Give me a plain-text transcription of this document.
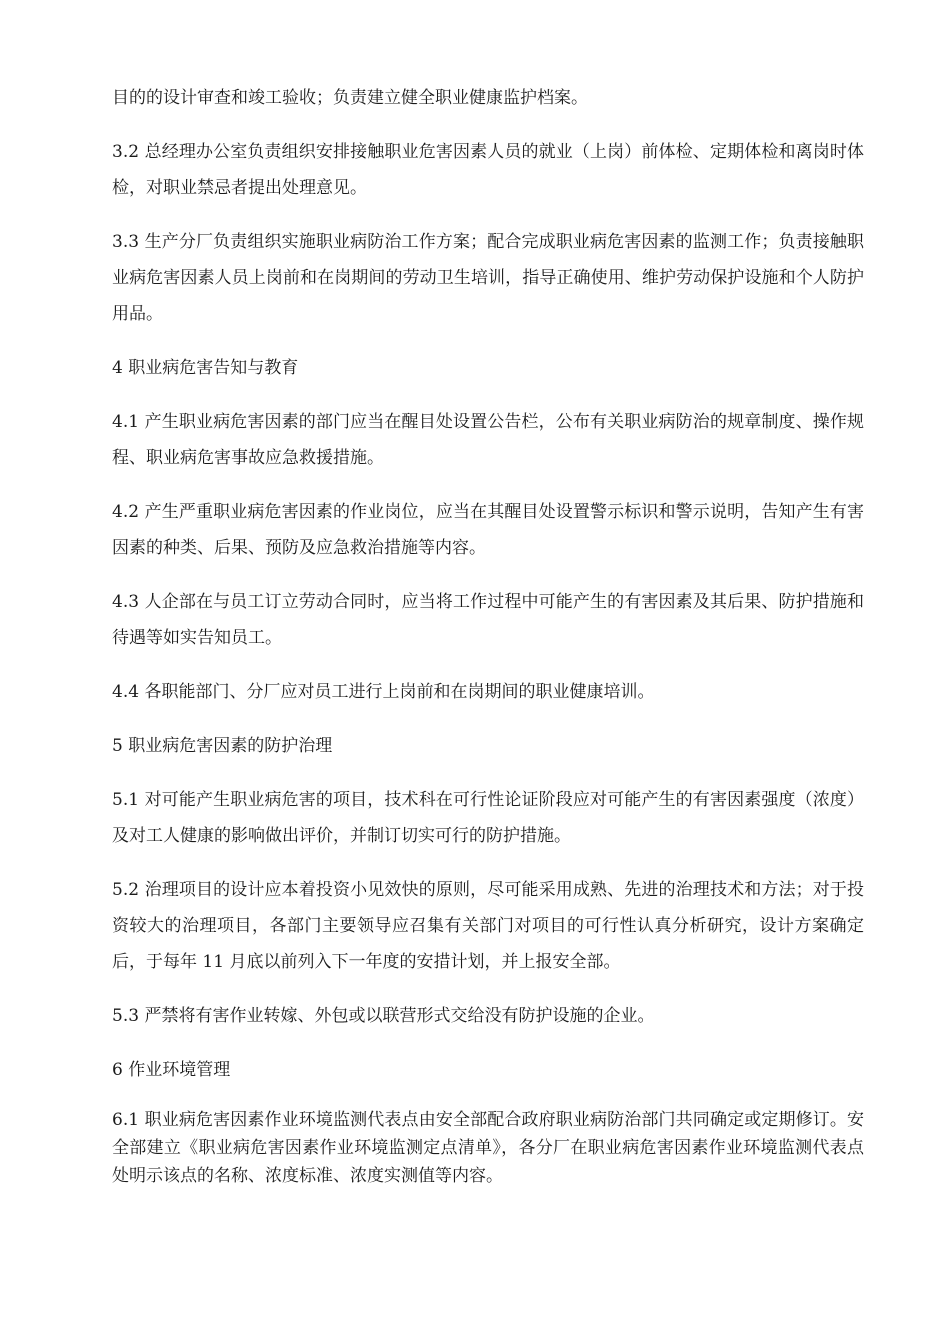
目的的设计审查和竣工验收；负责建立健全职业健康监护档案。

3.2 总经理办公室负责组织安排接触职业危害因素人员的就业（上岗）前体检、定期体检和离岗时体检，对职业禁忌者提出处理意见。

3.3 生产分厂负责组织实施职业病防治工作方案；配合完成职业病危害因素的监测工作；负责接触职业病危害因素人员上岗前和在岗期间的劳动卫生培训，指导正确使用、维护劳动保护设施和个人防护用品。

4 职业病危害告知与教育

4.1 产生职业病危害因素的部门应当在醒目处设置公告栏，公布有关职业病防治的规章制度、操作规程、职业病危害事故应急救援措施。

4.2 产生严重职业病危害因素的作业岗位，应当在其醒目处设置警示标识和警示说明，告知产生有害因素的种类、后果、预防及应急救治措施等内容。

4.3 人企部在与员工订立劳动合同时，应当将工作过程中可能产生的有害因素及其后果、防护措施和待遇等如实告知员工。

4.4 各职能部门、分厂应对员工进行上岗前和在岗期间的职业健康培训。

5 职业病危害因素的防护治理

5.1 对可能产生职业病危害的项目，技术科在可行性论证阶段应对可能产生的有害因素强度（浓度）及对工人健康的影响做出评价，并制订切实可行的防护措施。

5.2 治理项目的设计应本着投资小见效快的原则，尽可能采用成熟、先进的治理技术和方法；对于投资较大的治理项目，各部门主要领导应召集有关部门对项目的可行性认真分析研究，设计方案确定后，于每年 11 月底以前列入下一年度的安措计划，并上报安全部。

5.3 严禁将有害作业转嫁、外包或以联营形式交给没有防护设施的企业。

6 作业环境管理

6.1 职业病危害因素作业环境监测代表点由安全部配合政府职业病防治部门共同确定或定期修订。安全部建立《职业病危害因素作业环境监测定点清单》，各分厂在职业病危害因素作业环境监测代表点处明示该点的名称、浓度标准、浓度实测值等内容。
